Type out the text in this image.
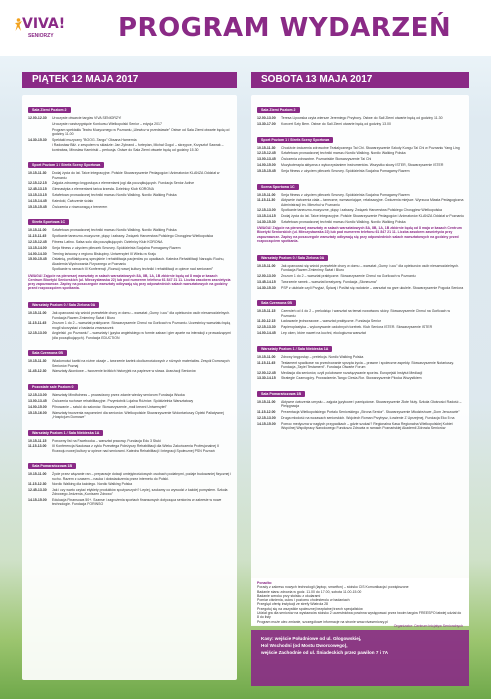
VIVA!
SENIORZY PROGRAM WYDARZEŃ
PIĄTEK 12 MAJA 2017	SOBOTA 13 MAJA 2017
Sala Ziemi Poziom 2
12.00-12.30	Uroczyste otwarcie targów VIVA SENIORZY!
Uroczyste rozstrzygnięcie Konkursu Wielkopolski Senior – edycja 2017
Program spektaklu Teatru Muzycznego w Poznaniu „Ulewicz w przedstawie" Ostwe od Sala Ziemi otwarte będą od godziny 11.00
14.30-15.30	Spektakl muzyczny "BOOG..Tango" Oksana Hamernia
i Radostaw Błiż. z zespołem w składzie: Jan Zybrand – fortepian, Michał Gogol – skrzypce, Krzysztof Sawrak – kontrabas, Mirosław Kamiński – perkusja. Ostwe do Sala Ziemi otwarte będą od godziny 15.30
Sport Poziom 1 / Strefa Sceny Sportowa
10.15-11.30	Dodaj życia do lat. Taice integracyjne. Polskie Stowarzyszenie Pedagogów i Animatorów KLANZA Oddział w Poznaniu
12.15-12.15	Zajęcia zdrowego kręgosłupa z elementami jogi dla początkujących. Fundacja Senior Active
12.45-13.15	Gimnastyka z elementami tańca krzesła. Dzielnicy Klub KORONA
13.15-13.15	Sztafetowo prowadzonej techniki marszu Nordic Walking. Nordic Walking Polska
14.15-14.45	Kaiedoki, Ćwiczenie ściało
15.15-15.45	Ćwiczenia z równowagą z trenerem
Strefa Sportowa 1C
10.15-11.00	Sztafetowo prowadzonej techniki marszu Nordic Walking. Nordic Walking Polska
11.15-11.45	Spotkanie taneczno-muzyczne, pląsy i zabawy. Związek Harcerstwa Polskiego Chorągiew Wielkopolska
12.15-12.45	Fitness Latino. Salsa solo dla początkujących. Dzielnicy Klub KORONA
13.15-14.00	Smja fitness z użyciem piłeczek Smovey. Spółdzielnia Socjalna Pomagamy Razem
14.00-14.30	Trening tańcowy z regionu Biskupiny. Uniwersytet III Wieku w Kraju
15.00-15.45	Ostatnią, profilaktyczną specjalnie i rehabilitacja pacjentów po upadkach. Katedra Rehabilitacji Narządu Ruchu, Akademia Wychowania Fizycznego w Poznaniu
Spotkanie w ramach III Konferencji „Rozwój nowej kultury techniki i rehabilitacji w opiece nad seniorami"
UWAGA! Zajęcie na pierwszej warsztaty w salach warsztatowych 8A, 8B, 1A, 1B zbiórnie będą od 8 maja w kasach Centrum Bioetyki Seniorskich (ul. Mieczysławska 22) lub pod numerem telefonu 61 847 21 11. Liczba zasobem zasnietycia przy zapoznawcze. Zapisy na poszczegole warsztaty odbywają się przy odpowiednich salach warsztatowych na godziny przed rozpoczęciem spotkania.
Warsztaty Poziom 0 / Sala Zielona 0A
10.15-11.00	Jak opanować się wśród przewlekłe chory w domu – warsztat „Gumy i ucu" dla opiekunów osób niesamodzielnych. Fundacja Razem Zmienimy Świat i Biuro
11.15-11.45	Zrozum 1 do 2 – warsztat praktyczne. Stowarzyszenie Chmul na Gorlicach w Poznaniu. Uczestnicy warsztatu będą mogli skorzystać z badania zmarszczek
12.15-13.00	Angielski ,po Poznaniu" – warsztaty i języka angielskiego w formie zabaw i gier aparte na interakcji z prowadzącymi (dla początkujących). Fundacja EDUCTION
Sala Czerwona 0B
10.15-11.30	Wiadomości kartki na różne okazje – tworzenie kartek okolicznościowych z różnych materiałów. Zespół Domowych Seniorów Poznaj
11.45-12.30	Warsztaty Akordowe – tworzenie krótkich historyjek na papierze w słowa. Aranżacji Seniorów
Pozostałe sale Poziom 0
12.15-13.00	Warsztaty Mindfulness – prowadzony przez zdanie wiedzy seniorom Fundacja Wsoka
13.00-13.45	Ćwiczenia ruchowe rehabilitacyjne. Przymiotnik Lojalna Różnice. Spółdzielnia Warsztatowy
14.00-15.00	Pilnowanie – sztuki do salonów. Stowarzyszenie „mali krewni Uniwersytet"
15.15-16.00	Warsztaty tworzenia wspomnień dla seniorów. Wielkopolskie Stowarzyszenie Wolontariuszy Opieki Paliatywnej „Hospicjum Domowe"
Warsztaty Poziom 1 / Sala Niebieska 1A
10.15-11.15	Ponowny list na Facebooka – warsztat pracowy. Fundacja Edu 3 Stuki
11.15-13.00	III Konferencja Naukowa z cyklu Przewlega Poleżyczy Rehabilitacji dla Wieku Zakończenia Profesjonalnej II Rozwoju nowej kultury w opiece nad seniorami. Katedra Rehabilitacji i Integracji Społecznej PSN Poznań
Sala Pomarańczowa 1B
10.15-11.00	Życie przez wiązanie ran – preparacje dotacji umiejętnościowych osobach podatnymi, podaje budowaniej fizycznej i ruchu. Razem z czasem – nauka i doświadczenia przez internetu do Polski.
11.15-12.30	Nordic Walking dla każdego. Nordic Walking Polska
12.45-13.30	Jak i czy warto czytać etykiety produktów spożywczych? Lepiej, szukamy co wywodzi z każdej pomysłem. Szkoła Zdrowego Jedzenia „Kuniszen Zdrowo"
14.15-15.00	Edukacja Finansowa 50+. Szanse i zagrożenia sportach finansowych dotycząca seniorów w zakresie w nowe technologie. Fundacja FORINSO
Sala Ziemi Poziom 2
12.00-13.00	Teresa Lipowska czyta wiersze Jeremiego Przybory. Ostwe do Sali Ziemi otwarte będą od godziny 11.30
13.30-17.00	Koncert Szty Bem. Ostwe do Sali Ziemi otwarte będą od godziny 13.00
Sport Poziom 1 / Strefa Sceny Sportowa
10.15-11.30	Chodźcie ćwiczenia zdrowotne Teatalycznego Tai Chi. Stowarzyszenie Szkoły Kungu Tai Chi w Poznaniu Yang Ling
12.15-12.45	Sztafetowo prowadzonej techniki marszu Nordic Walking. Nordic Walking Polska
13.00-13.45	Ćwiczenia zdrowotne. Poznańskie Stowarzyszenie Tai Chi
14.00-15.00	Muzykoterapia aktywna z wykorzystaniem instrumentów. Wszystko słowy ISTER, Stowarzyszenie ISTER
15.15-15.45	Smja fitness z użyciem piłeczek Smovey. Spółdzielnia Socjalna Pomagamy Razem
Scena Sportowa 1C
10.15-11.00	Smja fitness z użyciem piłeczek Smovey. Spółdzielnia Socjalna Pomagamy Razem
11.15-11.30	Aktywnie ćwiczenia ciała – taneczne, wzmacniające, relaksacyjne. Ćwiczenia miejsce. Wyrzuca Miasta Pedagogiczna Administracji im. Mierzhui w Poznaniu
12.15-13.00	Spotkanie taneczno-muzyczne, pląsy i zabawy. Związek Harcerstwa Polskiego Chorągiew Wielkopolska
13.15-14.15	Dodaj życia do lat. Taice integracyjne. Polskie Stowarzyszenie Pedagogów i Animatorów KLANZA Oddział w Poznaniu
14.30-15.30	Sztafetowo prowadzonej techniki marszu Nordic Walking. Nordic Walking Polska
UWAGA! Zajęcie na pierwszej warsztaty w salach warsztatowych 8A, 8B, 1A, 1B zbiórnie będą od 8 maja w kasach Centrum Bioetyki Seniorskich (ul. Mieczysławska 22) lub pod numerem telefonu 61 847 21 11. Liczba zasobem zasnietycia przy zapoznawcze. Zapisy na poszczegole warsztaty odbywają się przy odpowiednich salach warsztatowych na godziny przed rozpoczęciem spotkania.
Warsztaty Poziom 0 / Sala Zielona 0A
10.15-11.00	Jak opanować się wśród przewlekłe chory w domu – warsztat „Gumy i ucu" dla opiekunów osób niesamodzielnych. Fundacja Razem Zmienimy Świat i Biuro
12.00-13.00	Zrozum 1 do 2 – warsztat praktyczne. Stowarzyszenie Chmul na Gorlicach w Poznaniu
13.45-14.15	Tworzenie ramek – warsztat kreatywny. Fundacja „Słoneczna"
14.30-15.30	PSP z ulubiale czyli Przyjaź, Śpiwaj i Poślist się radośnie – warsztat na grze ukulele. Stowarzyszenie Pogoda Seniora
Sala Czerwona 0B
10.15-11.15	Czerwień od 4 do 2 – preludziąc i warsztat na temat nowotworu skóry. Stowarzyszenie Chmul na Gorlicach w Poznaniu
11.30-12.15	Ładowanie jednorazowe – warsztat praktyczne. Fundacja Senior
12.15-13.30	Papieroplastyka – wykonywanie ozdobnych torebek. Klub Seniora ISTER. Stowarzyszenie ISTER
14.00-14.45	Lep oken, które nawet na kuchni, ekologiczna warsztat
Warsztaty Poziom 1 / Sala Niebieska 1A
10.15-11.00	Zdrowy kręgosłup – prelekcja. Nordic Walking Polska
11.15-11.45	Testament spadkowe na przechowanie sprzęta życia – prawne i społeczne aspekty. Stowarzyszenie Notariuszy. Fundacja „Tayiel Testament". Fundacja Otwarte Forum
12.00-12.45	Mediacja dla seniorów, czyli polubowne rozwiązywanie sporów. Europejski Instytut Mediacji
13.30-14.15	Strategie Czarnogóry. Prowadzenie-Tango Ciesia-Ror. Stowarzyszenie Płocka Wszystkiem
Sala Pomarańczowa 1B
10.15-11.00	Aktywne ćwiczenia umysłu – zajęcia językowe i pamięciowe. Stowarzyszenie Złote Nuty. Szkoła Głośności Radość – Pielęgnacja
11.15-12.00	Prezentacja Wielkopolskiego Portalu Seniorskiego „Strona Senior". Stowarzyszenie Młodzieżowe „Dom Jenczowie"
12.15-13.00	Druga młodość na wczasach seniorskich. Wojciech Roman Przybysz, Łowienie Z Uprzejmej, Fundacja Eko 5 na
14.15-15.00	Pomoc medyczna w nagłych przypadkach – gdzie szukać? Regionalna Kasa Regionalna Wielkopolskiej Kobiet Wspólnej Współpracy Narodowego Funduszu Zdrowia w ramach Poznańskiej Akademii Zdrowia Seniorów
Ponadto:
Porady z zakresu nowych technologii (laptop, smartfon) – stoisko CIS Komunikacja i powiększone
Badanie stanu zdrowia w godz. 11.00 do 17.00, sobota 11.00-15.00
Badanie wzroku przy stoisku z okularami
Pomiar ciśnienia, cukru i poziomu cholesterolu w badaniach
Przegląd ofertę instytucji ze strefy Wiatrola 28
Przegotuj się na wszystkie społecznej bezpłatnej trzech specjalistów
Udział gra dla seniorów na wystawców stoisko 2 uczestnictwa powinna występować przez twoim targów FREESPO łatwiej udział do 8 do listy
Program może ulec zmianie, szczegółowe informacje na stronie www.vivaseniorzy.pl
Organizator: Centrum Inicjatyw Senioralnych
Kasy: wejście Południowe od ul. Głogowskiej,
Hol Wschodni (od Mostu Dworcowego),
wejście Zachodnie od ul. Śniadeckich przez pawilon 7 i 7A
